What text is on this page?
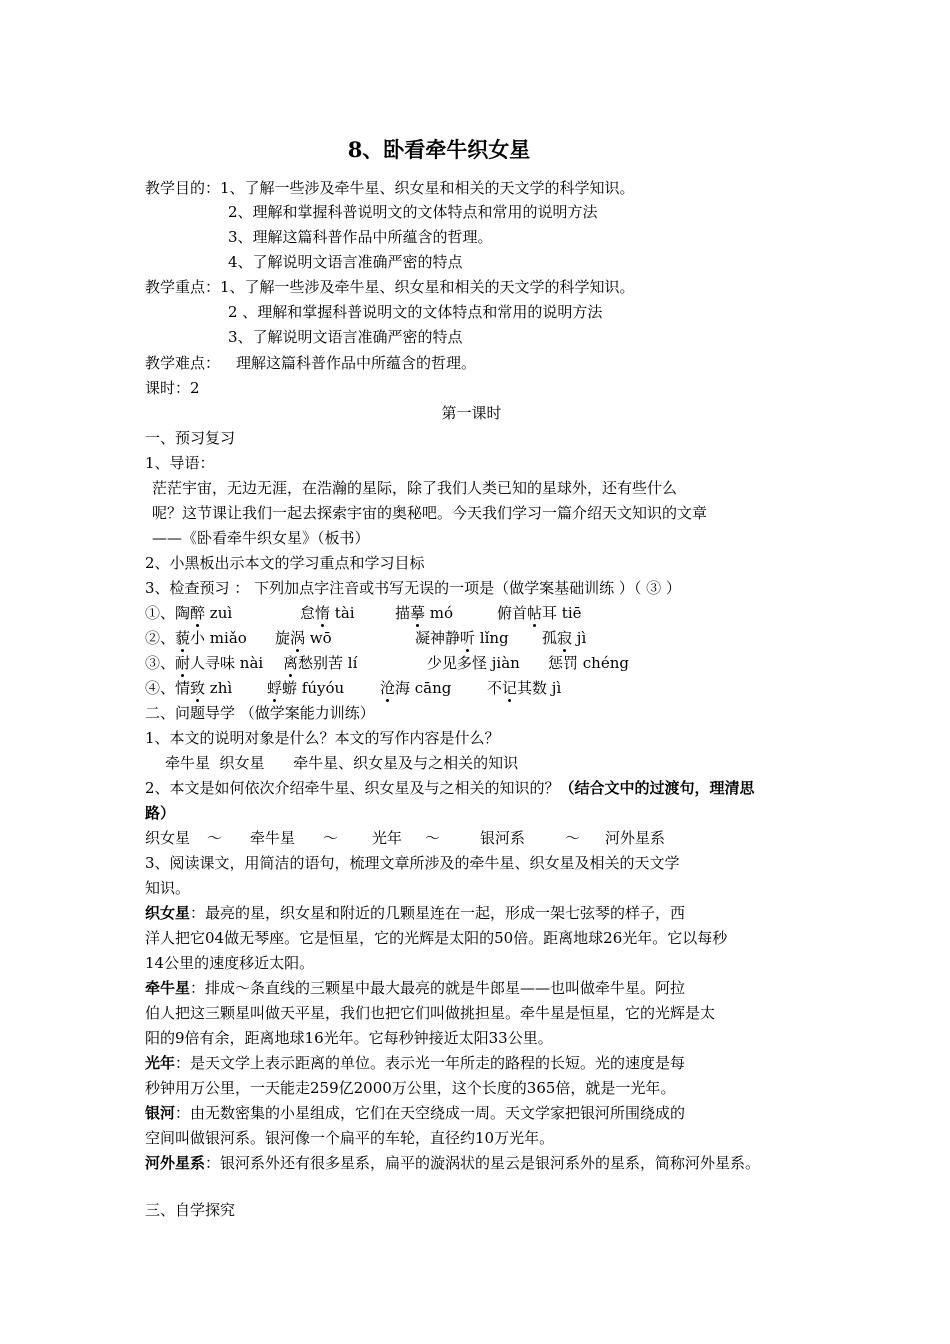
8、卧看牵牛织女星
教学目的：1、了解一些涉及牵牛星、织女星和相关的天文学的科学知识。
2、理解和掌握科普说明文的文体特点和常用的说明方法
3、理解这篇科普作品中所蕴含的哲理。
4、了解说明文语言准确严密的特点
教学重点：1、了解一些涉及牵牛星、织女星和相关的天文学的科学知识。
2 、理解和掌握科普说明文的文体特点和常用的说明方法
3、了解说明文语言准确严密的特点
教学难点： 理解这篇科普作品中所蕴含的哲理。
课时：2
第一课时
一、预习复习
1、导语：
茫茫宇宙，无边无涯，在浩瀚的星际，除了我们人类已知的星球外，还有些什么
呢？这节课让我们一起去探索宇宙的奥秘吧。今天我们学习一篇介绍天文知识的文章
——《卧看牵牛织女星》（板书）
2、小黑板出示本文的学习重点和学习目标
3、检查预习 ： 下列加点字注音或书写无误的一项是（做学案基础训练 ）（ ③ ）
①、陶醉 zuì	怠惰 tài	描摹 mó	俯首帖耳 tiē
②、藐小 miǎo 旋涡 wō	凝神静听 lǐng 孤寂 jì
③、耐人寻味 nài 离愁别苦 lí	少见多怪 jiàn 惩罚 chéng
④、情致 zhì 蜉蝣 fúyóu 沧海 cāng 不记其数 jì
二、问题导学 （做学案能力训练）
1、本文的说明对象是什么？本文的写作内容是什么？
牵牛星  织女星      牵牛星、织女星及与之相关的知识
2、本文是如何依次介绍牵牛星、织女星及与之相关的知识的？（结合文中的过渡句，理清思
路）
织女星 ～ 牵牛星 ～ 光年 ～	银河系	～ 河外星系
3、阅读课文，用简洁的语句，梳理文章所涉及的牵牛星、织女星及相关的天文学
知识。
织女星：最亮的星，织女星和附近的几颗星连在一起，形成一架七弦琴的样子，西
洋人把它04做无琴座。它是恒星，它的光辉是太阳的50倍。距离地球26光年。它以每秒
14公里的速度移近太阳。
牵牛星：排成～条直线的三颗星中最大最亮的就是牛郎星——也叫做牵牛星。阿拉
伯人把这三颗星叫做天平星，我们也把它们叫做挑担星。牵牛星是恒星，它的光辉是太
阳的9倍有余，距离地球16光年。它每秒钟接近太阳33公里。
光年：是天文学上表示距离的单位。表示光一年所走的路程的长短。光的速度是每
秒钟用万公里，一天能走259亿2000万公里，这个长度的365倍，就是一光年。
银河：由无数密集的小星组成，它们在天空绕成一周。天文学家把银河所围绕成的
空间叫做银河系。银河像一个扁平的车轮，直径约10万光年。
河外星系：银河系外还有很多星系，扁平的漩涡状的星云是银河系外的星系，简称河外星系。
三、自学探究
